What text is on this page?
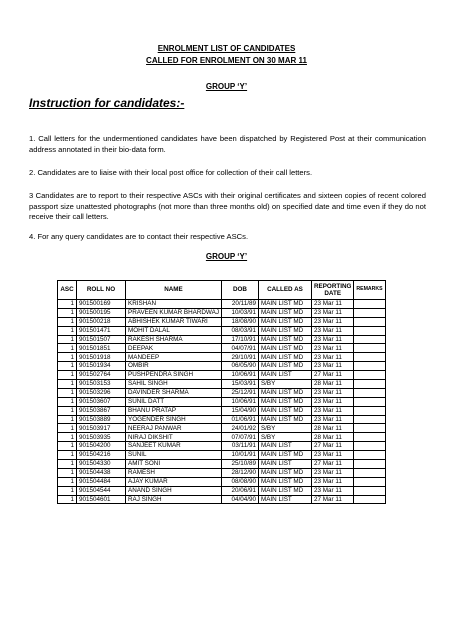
ENROLMENT LIST OF CANDIDATES
CALLED FOR ENROLMENT ON 30 MAR 11
GROUP ‘Y’
Instruction for candidates:-
1. Call letters for the undermentioned candidates have been dispatched by Registered Post at their communication address annotated in their bio-data form.
2. Candidates are to liaise with their local post office for collection of their call letters.
3 Candidates are to report to their respective ASCs with their original certificates and sixteen copies of recent colored passport size unattested photographs (not more than three months old) on specified date and time even if they do not receive their call letters.
4. For any query candidates are to contact their respective ASCs.
GROUP ‘Y’
ASC	ROLL NO	NAME	DOB	CALLED AS	REPORTING DATE	REMARKS
1	901500169	KRISHAN	20/11/89	MAIN LIST MD	23 Mar 11	
1	901500195	PRAVEEN KUMAR BHARDWAJ	10/03/91	MAIN LIST MD	23 Mar 11	
1	901500218	ABHISHEK KUMAR TIWARI	18/08/90	MAIN LIST MD	23 Mar 11	
1	901501471	MOHIT DALAL	08/03/91	MAIN LIST MD	23 Mar 11	
1	901501507	RAKESH SHARMA	17/10/91	MAIN LIST MD	23 Mar 11	
1	901501851	DEEPAK	04/07/91	MAIN LIST MD	23 Mar 11	
1	901501918	MANDEEP	29/10/91	MAIN LIST MD	23 Mar 11	
1	901501934	OMBIR	06/05/90	MAIN LIST MD	23 Mar 11	
1	901502764	PUSHPENDRA SINGH	10/06/91	MAIN LIST	27 Mar 11	
1	901503153	SAHIL SINGH	15/03/91	S/BY	28 Mar 11	
1	901503296	DAVINDER SHARMA	25/12/91	MAIN LIST MD	23 Mar 11	
1	901503607	SUNIL DATT	10/06/91	MAIN LIST MD	23 Mar 11	
1	901503867	BHANU PRATAP	15/04/90	MAIN LIST MD	23 Mar 11	
1	901503889	YOGENDER SINGH	01/06/91	MAIN LIST MD	23 Mar 11	
1	901503917	NEERAJ PANWAR	24/01/92	S/BY	28 Mar 11	
1	901503935	NIRAJ DIKSHIT	07/07/91	S/BY	28 Mar 11	
1	901504200	SANJEET KUMAR	03/11/91	MAIN LIST	27 Mar 11	
1	901504216	SUNIL	10/01/91	MAIN LIST MD	23 Mar 11	
1	901504330	AMIT SONI	25/10/89	MAIN LIST	27 Mar 11	
1	901504438	RAMESH	28/12/90	MAIN LIST MD	23 Mar 11	
1	901504484	AJAY KUMAR	08/08/90	MAIN LIST MD	23 Mar 11	
1	901504544	ANAND SINGH	20/06/91	MAIN LIST MD	23 Mar 11	
1	901504601	RAJ SINGH	04/04/90	MAIN LIST	27 Mar 11	
